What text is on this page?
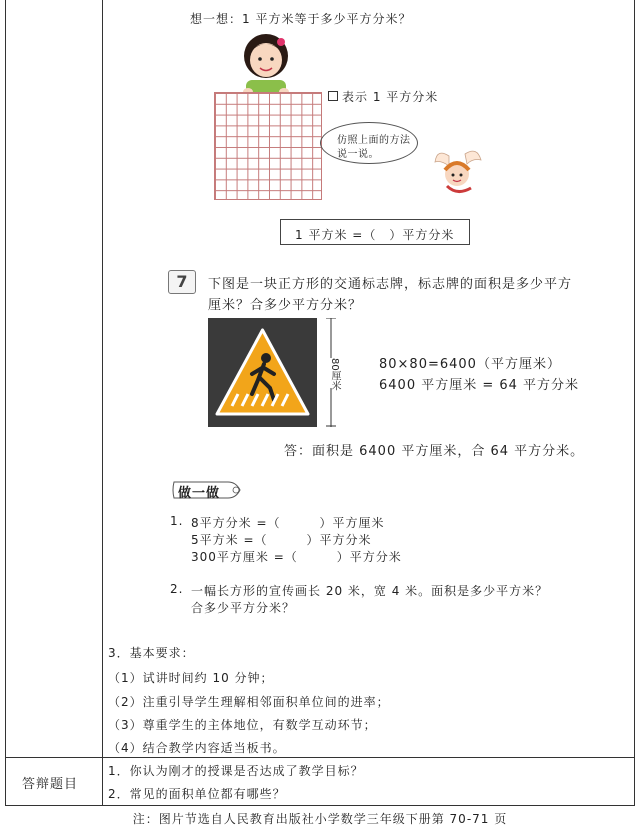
想一想：1 平方米等于多少平方分米？
表示 1 平方分米
仿照上面的方法
说一说。
1 平方米 =（　）平方分米
7	下图是一块正方形的交通标志牌，标志牌的面积是多少平方
厘米？合多少平方分米？
80厘米	80×80=6400（平方厘米）
6400 平方厘米 = 64 平方分米
答：面积是 6400 平方厘米，合 64 平方分米。
做一做
1. 8平方分米 =（　　　）平方厘米
5平方米 =（　　　）平方分米
300平方厘米 =（　　　）平方分米
2. 一幅长方形的宣传画长 20 米，宽 4 米。面积是多少平方米？
合多少平方分米？
3．基本要求：
（1）试讲时间约 10 分钟；
（2）注重引导学生理解相邻面积单位间的进率；
（3）尊重学生的主体地位，有数学互动环节；
（4）结合教学内容适当板书。
答辩题目
1．你认为刚才的授课是否达成了教学目标？
2．常见的面积单位都有哪些？
注：图片节选自人民教育出版社小学数学三年级下册第 70-71 页
